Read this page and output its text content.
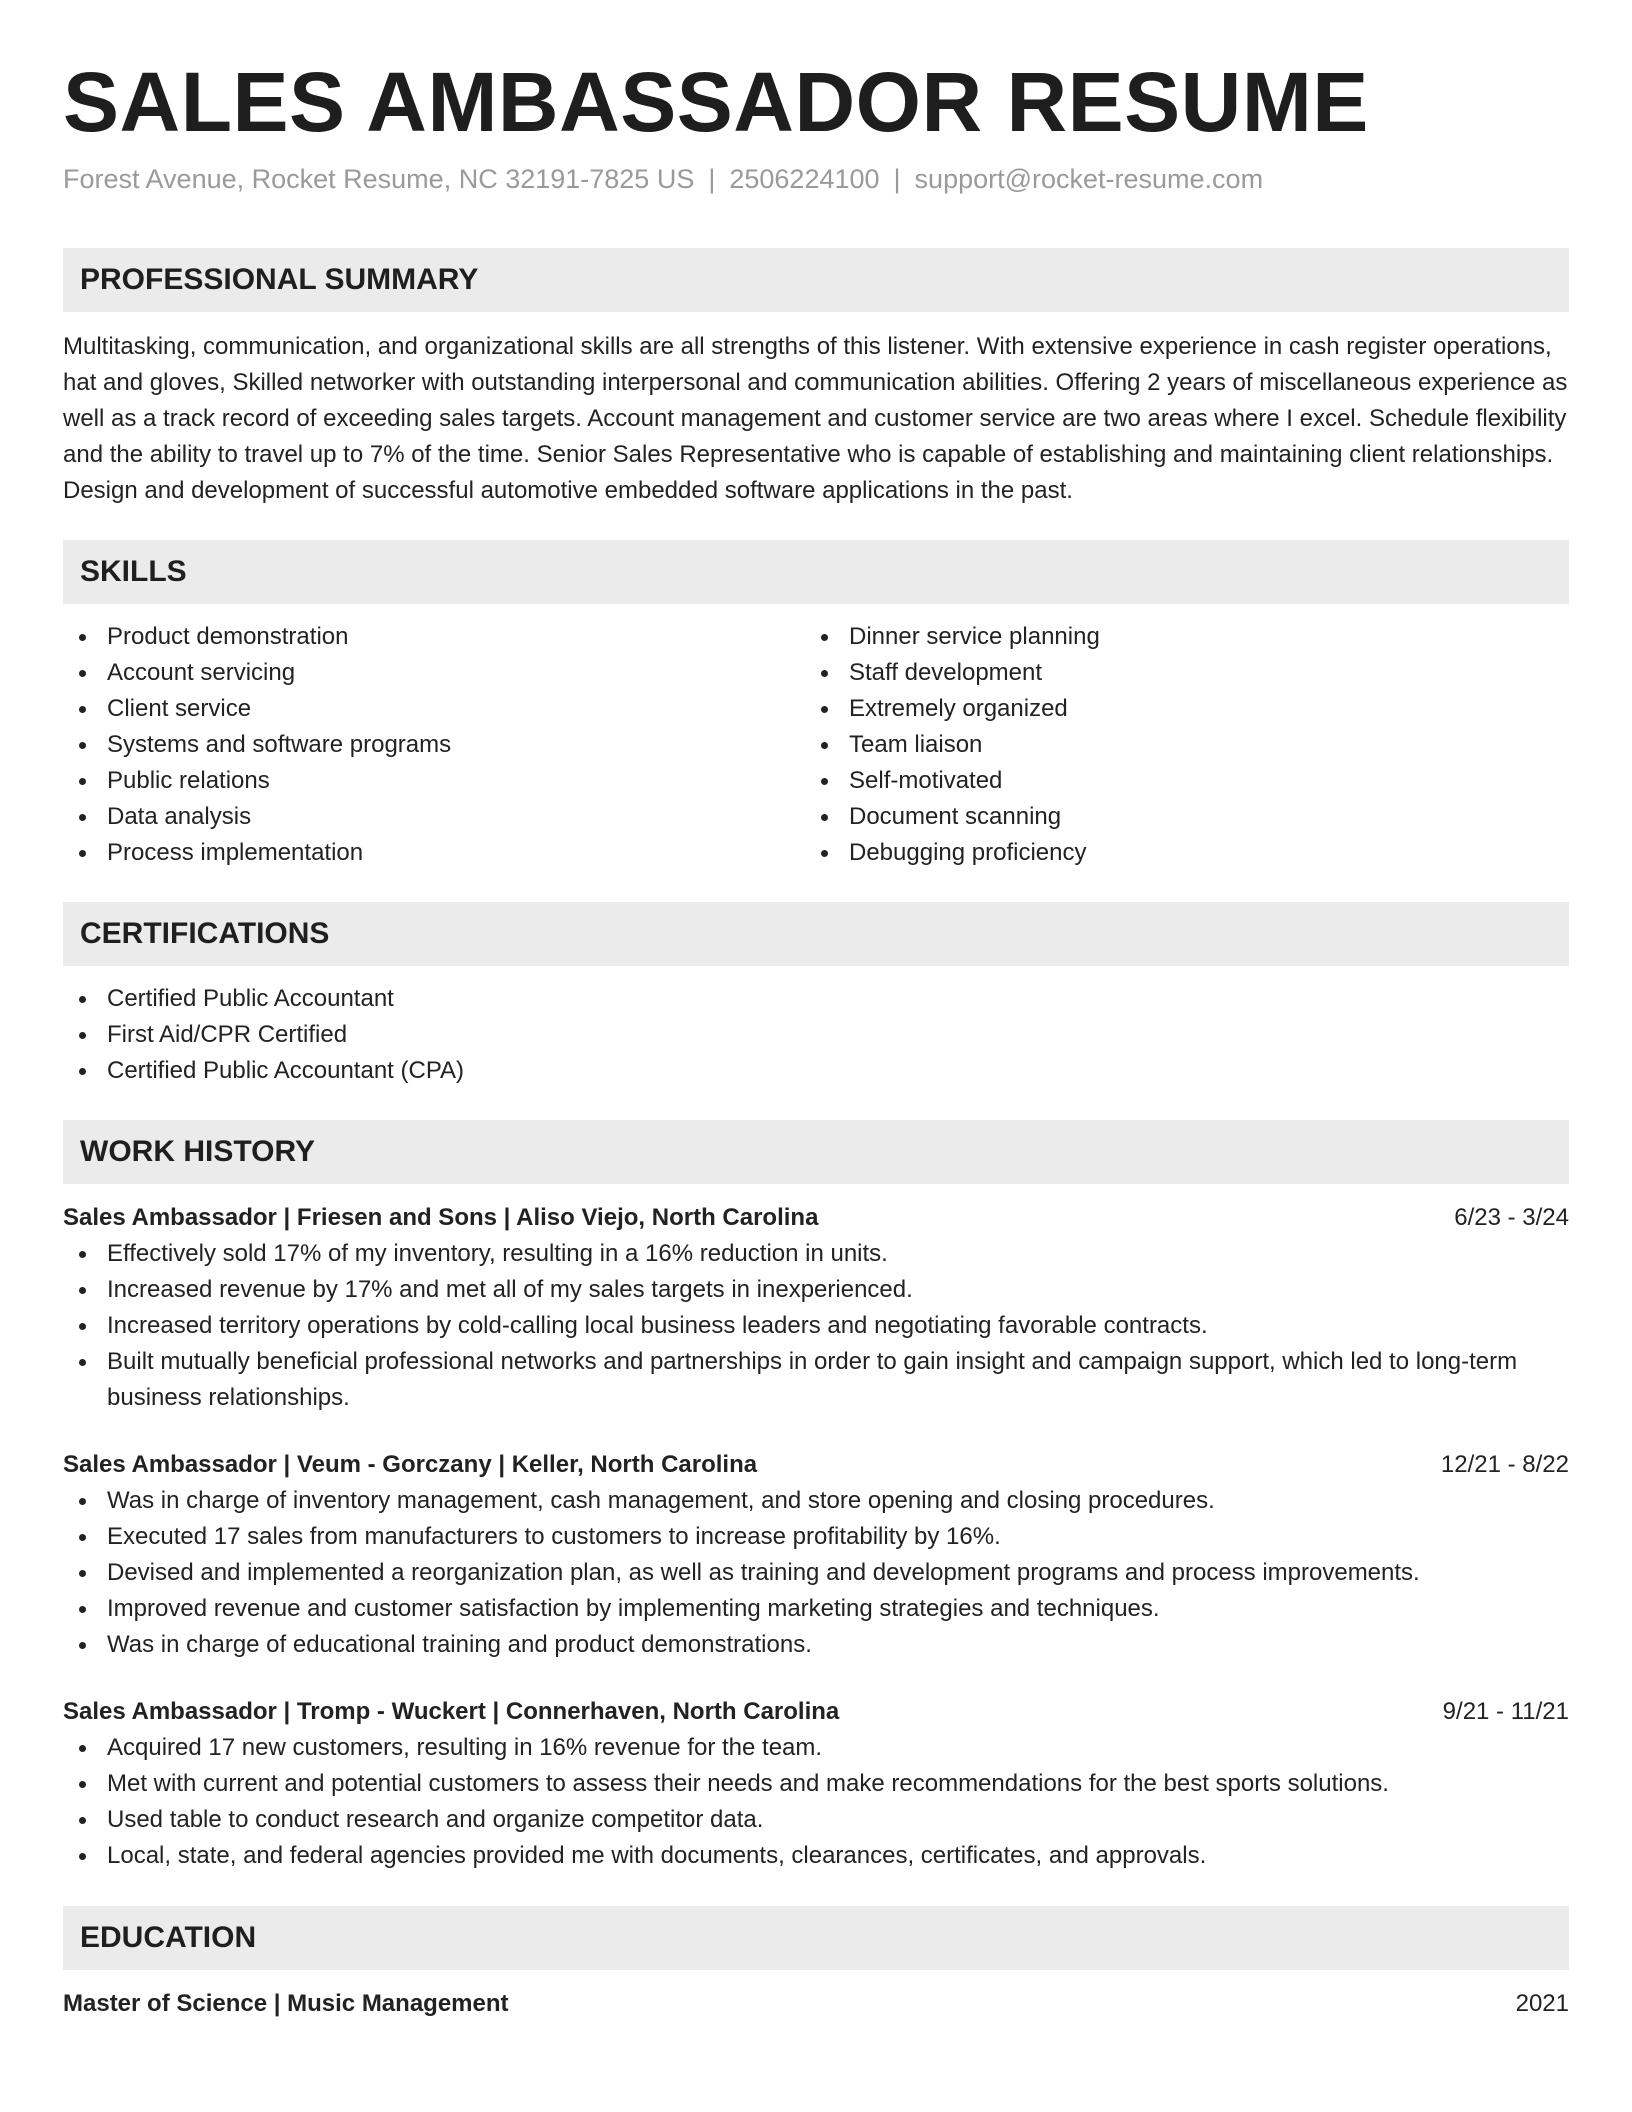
SALES AMBASSADOR RESUME
Forest Avenue, Rocket Resume, NC 32191-7825 US | 2506224100 | support@rocket-resume.com
PROFESSIONAL SUMMARY

Multitasking, communication, and organizational skills are all strengths of this listener. With extensive experience in cash register operations, hat and gloves, Skilled networker with outstanding interpersonal and communication abilities. Offering 2 years of miscellaneous experience as well as a track record of exceeding sales targets. Account management and customer service are two areas where I excel. Schedule flexibility and the ability to travel up to 7% of the time. Senior Sales Representative who is capable of establishing and maintaining client relationships. Design and development of successful automotive embedded software applications in the past.

SKILLS
Product demonstration
Account servicing
Client service
Systems and software programs
Public relations
Data analysis
Process implementation
Dinner service planning
Staff development
Extremely organized
Team liaison
Self-motivated
Document scanning
Debugging proficiency
CERTIFICATIONS
Certified Public Accountant
First Aid/CPR Certified
Certified Public Accountant (CPA)
WORK HISTORY
Sales Ambassador | Friesen and Sons | Aliso Viejo, North Carolina	6/23 - 3/24
Effectively sold 17% of my inventory, resulting in a 16% reduction in units.
Increased revenue by 17% and met all of my sales targets in inexperienced.
Increased territory operations by cold-calling local business leaders and negotiating favorable contracts.
Built mutually beneficial professional networks and partnerships in order to gain insight and campaign support, which led to long-term business relationships.
Sales Ambassador | Veum - Gorczany | Keller, North Carolina	12/21 - 8/22
Was in charge of inventory management, cash management, and store opening and closing procedures.
Executed 17 sales from manufacturers to customers to increase profitability by 16%.
Devised and implemented a reorganization plan, as well as training and development programs and process improvements.
Improved revenue and customer satisfaction by implementing marketing strategies and techniques.
Was in charge of educational training and product demonstrations.
Sales Ambassador | Tromp - Wuckert | Connerhaven, North Carolina	9/21 - 11/21
Acquired 17 new customers, resulting in 16% revenue for the team.
Met with current and potential customers to assess their needs and make recommendations for the best sports solutions.
Used table to conduct research and organize competitor data.
Local, state, and federal agencies provided me with documents, clearances, certificates, and approvals.
EDUCATION
Master of Science | Music Management	2021
